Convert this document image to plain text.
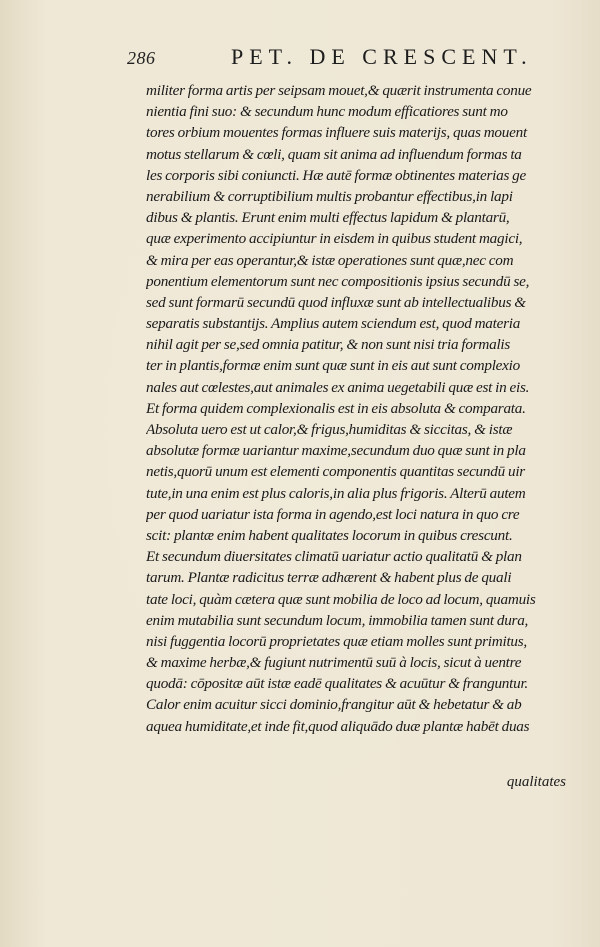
286	PET. DE CRESCENT.
militer forma artis per seipsam mouet,& quærit instrumenta conue
nientia fini suo: & secundum hunc modum efficatiores sunt mo
tores orbium mouentes formas influere suis materijs, quas mouent
motus stellarum & cœli, quam sit anima ad influendum formas ta
les corporis sibi coniuncti. Hæ autē formæ obtinentes materias ge
nerabilium & corruptibilium multis probantur effectibus,in lapi
dibus & plantis. Erunt enim multi effectus lapidum & plantarū,
quæ experimento accipiuntur in eisdem in quibus student magici,
& mira per eas operantur,& istæ operationes sunt quæ,nec com
ponentium elementorum sunt nec compositionis ipsius secundū se,
sed sunt formarū secundū quod influxæ sunt ab intellectualibus &
separatis substantijs. Amplius autem sciendum est, quod materia
nihil agit per se,sed omnia patitur, & non sunt nisi tria formalis
ter in plantis,formæ enim sunt quæ sunt in eis aut sunt complexio
nales aut cœlestes,aut animales ex anima uegetabili quæ est in eis.
Et forma quidem complexionalis est in eis absoluta & comparata.
Absoluta uero est ut calor,& frigus,humiditas & siccitas, & istæ
absolutæ formæ uariantur maxime,secundum duo quæ sunt in pla
netis,quorū unum est elementi componentis quantitas secundū uir
tute,in una enim est plus caloris,in alia plus frigoris. Alterū autem
per quod uariatur ista forma in agendo,est loci natura in quo cre
scit: plantæ enim habent qualitates locorum in quibus crescunt.
Et secundum diuersitates climatū uariatur actio qualitatū & plan
tarum. Plantæ radicitus terræ adhærent & habent plus de quali
tate loci, quàm cætera quæ sunt mobilia de loco ad locum, quamuis
enim mutabilia sunt secundum locum, immobilia tamen sunt dura,
nisi fuggentia locorū proprietates quæ etiam molles sunt primitus,
& maxime herbæ,& fugiunt nutrimentū suū à locis, sicut à uentre
quodā: cōpositæ aūt istæ eadē qualitates & acuūtur & franguntur.
Calor enim acuitur sicci dominio,frangitur aūt & hebetatur & ab
aquea humiditate,et inde fit,quod aliquādo duæ plantæ habēt duas
qualitates
